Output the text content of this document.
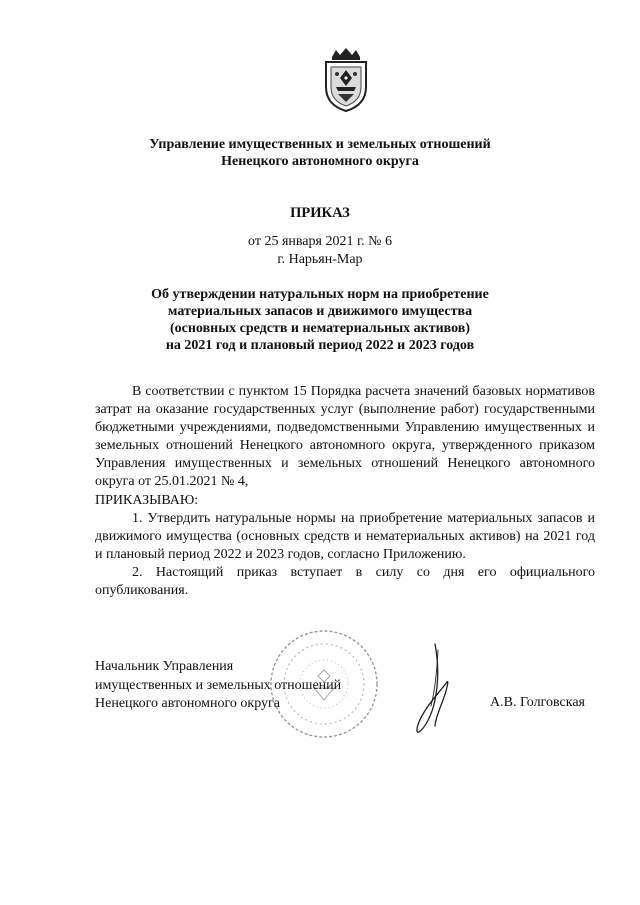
Управление имущественных и земельных отношений
Ненецкого автономного округа
ПРИКАЗ
от 25 января 2021 г. № 6
г. Нарьян-Мар
Об утверждении натуральных норм на приобретение
материальных запасов и движимого имущества
(основных средств и нематериальных активов)
на 2021 год и плановый период 2022 и 2023 годов

В соответствии с пунктом 15 Порядка расчета значений базовых нормативов затрат на оказание государственных услуг (выполнение работ) государственными бюджетными учреждениями, подведомственными Управлению имущественных и земельных отношений Ненецкого автономного округа, утвержденного приказом Управления имущественных и земельных отношений Ненецкого автономного округа от 25.01.2021 № 4,

ПРИКАЗЫВАЮ:

1. Утвердить натуральные нормы на приобретение материальных запасов и движимого имущества (основных средств и нематериальных активов) на 2021 год и плановый период 2022 и 2023 годов, согласно Приложению.

2. Настоящий приказ вступает в силу со дня его официального опубликования.

Начальник Управления
имущественных и земельных отношений
Ненецкого автономного округа	А.В. Голговская
